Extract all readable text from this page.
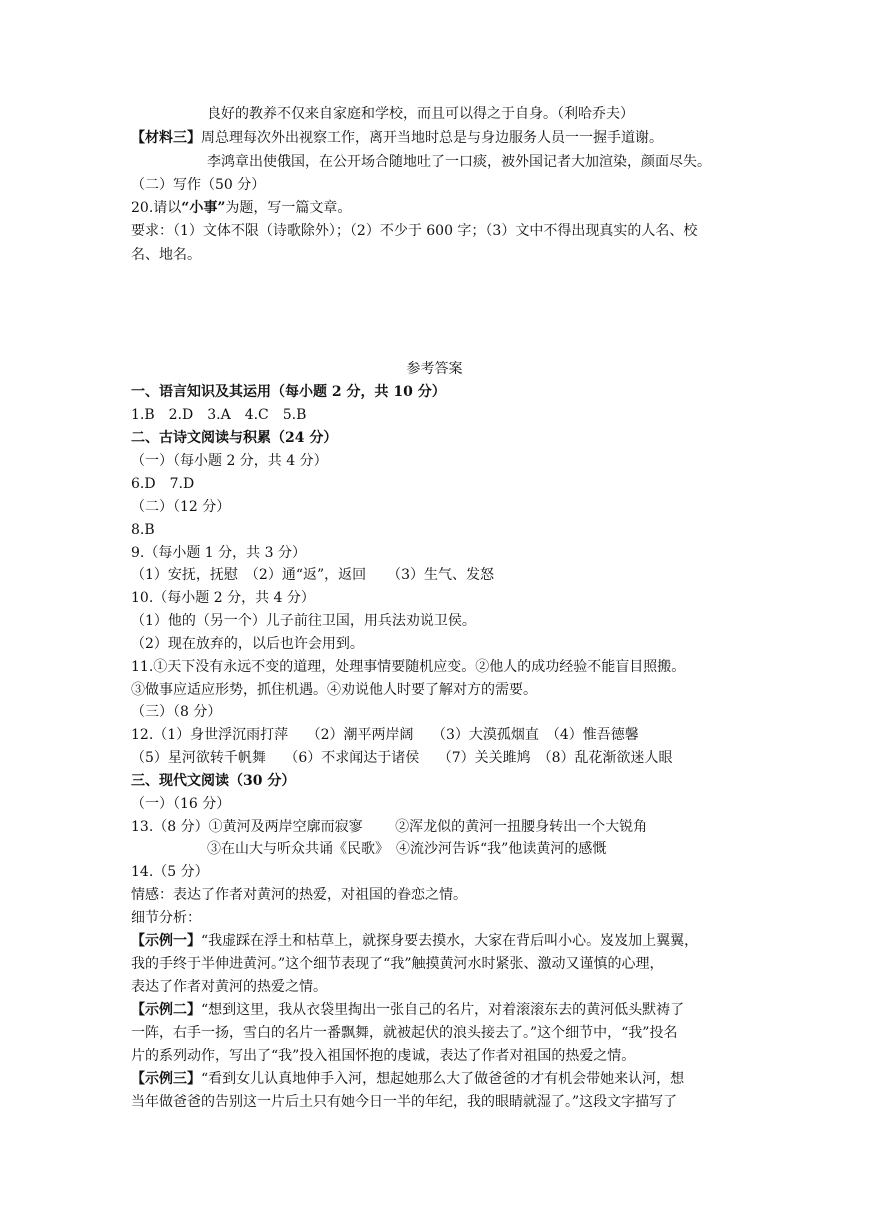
良好的教养不仅来自家庭和学校，而且可以得之于自身。（利哈乔夫）
【材料三】周总理每次外出视察工作，离开当地时总是与身边服务人员一一握手道谢。
李鸿章出使俄国，在公开场合随地吐了一口痰，被外国记者大加渲染，颜面尽失。
（二）写作（50 分）
20.请以“小事”为题，写一篇文章。
要求：（1）文体不限（诗歌除外）；（2）不少于 600 字；（3）文中不得出现真实的人名、校
名、地名。
参考答案
一、语言知识及其运用（每小题 2 分，共 10 分）
1.B　2.D　3.A　4.C　5.B
二、古诗文阅读与积累（24 分）
（一）（每小题 2 分，共 4 分）
6.D　7.D
（二）（12 分）
8.B
9.（每小题 1 分，共 3 分）
（1）安抚，抚慰　（2）通“返”，返回　　（3）生气、发怒
10.（每小题 2 分，共 4 分）
（1）他的（另一个）儿子前往卫国，用兵法劝说卫侯。
（2）现在放弃的，以后也许会用到。
11.①天下没有永远不变的道理，处理事情要随机应变。②他人的成功经验不能盲目照搬。
③做事应适应形势，抓住机遇。④劝说他人时要了解对方的需要。
（三）（8 分）
12.（1）身世浮沉雨打萍　 （2）潮平两岸阔　 （3）大漠孤烟直　（4）惟吾德馨
（5）星河欲转千帆舞　 （6）不求闻达于诸侯　 （7）关关雎鸠　（8）乱花渐欲迷人眼
三、现代文阅读（30 分）
（一）（16 分）
13.（8 分）①黄河及两岸空廓而寂寥　　 ②浑龙似的黄河一扭腰身转出一个大锐角
③在山大与听众共诵《民歌》　④流沙河告诉“我”他读黄河的感慨
14.（5 分）
情感：表达了作者对黄河的热爱，对祖国的眷恋之情。
细节分析：
【示例一】“我虚踩在浮土和枯草上，就探身要去摸水，大家在背后叫小心。岌岌加上翼翼，
我的手终于半伸进黄河。”这个细节表现了“我”触摸黄河水时紧张、激动又谨慎的心理，
表达了作者对黄河的热爱之情。
【示例二】“想到这里，我从衣袋里掏出一张自己的名片，对着滚滚东去的黄河低头默祷了
一阵，右手一扬，雪白的名片一番飘舞，就被起伏的浪头接去了。”这个细节中，“我”投名
片的系列动作，写出了“我”投入祖国怀抱的虔诚，表达了作者对祖国的热爱之情。
【示例三】“看到女儿认真地伸手入河，想起她那么大了做爸爸的才有机会带她来认河，想
当年做爸爸的告别这一片后土只有她今日一半的年纪，我的眼睛就湿了。”这段文字描写了
